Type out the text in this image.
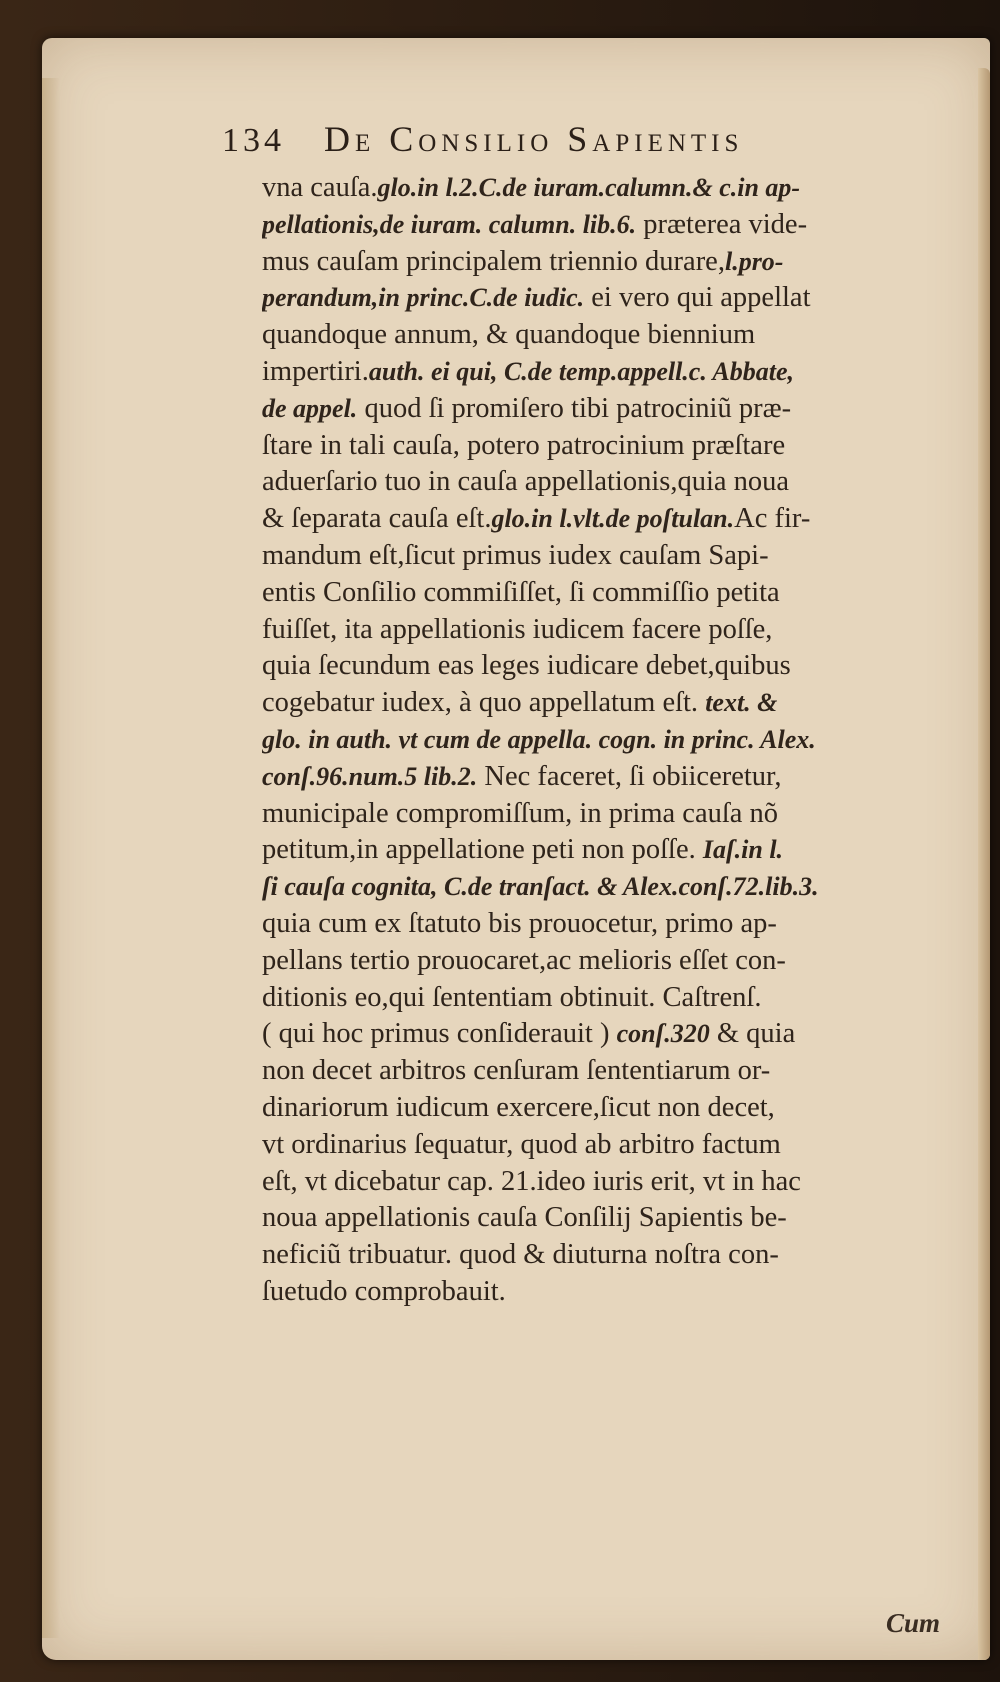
134 De Consilio Sapientis
vna cauſa.glo.in l.2.C.de iuram.calumn.& c.in ap-
pellationis,de iuram. calumn. lib.6. præterea vide-
mus cauſam principalem triennio durare,l.pro-
perandum,in princ.C.de iudic. ei vero qui appellat
quandoque annum, & quandoque biennium
impertiri.auth. ei qui, C.de temp.appell.c. Abbate,
de appel. quod ſi promiſero tibi patrociniũ præ-
ſtare in tali cauſa, potero patrocinium præſtare
aduerſario tuo in cauſa appellationis,quia noua
& ſeparata cauſa eſt.glo.in l.vlt.de poſtulan.Ac fir-
mandum eſt,ſicut primus iudex cauſam Sapi-
entis Conſilio commiſiſſet, ſi commiſſio petita
fuiſſet, ita appellationis iudicem facere poſſe,
quia ſecundum eas leges iudicare debet,quibus
cogebatur iudex, à quo appellatum eſt. text. &
glo. in auth. vt cum de appella. cogn. in princ. Alex.
conſ.96.num.5 lib.2. Nec faceret, ſi obiiceretur,
municipale compromiſſum, in prima cauſa nõ
petitum,in appellatione peti non poſſe. Iaſ.in l.
ſi cauſa cognita, C.de tranſact. & Alex.conſ.72.lib.3.
quia cum ex ſtatuto bis prouocetur, primo ap-
pellans tertio prouocaret,ac melioris eſſet con-
ditionis eo,qui ſententiam obtinuit. Caſtrenſ.
( qui hoc primus conſiderauit ) conſ.320 & quia
non decet arbitros cenſuram ſententiarum or-
dinariorum iudicum exercere,ſicut non decet,
vt ordinarius ſequatur, quod ab arbitro factum
eſt, vt dicebatur cap. 21.ideo iuris erit, vt in hac
noua appellationis cauſa Conſilij Sapientis be-
neficiũ tribuatur. quod & diuturna noſtra con-
ſuetudo comprobauit.
Cum
